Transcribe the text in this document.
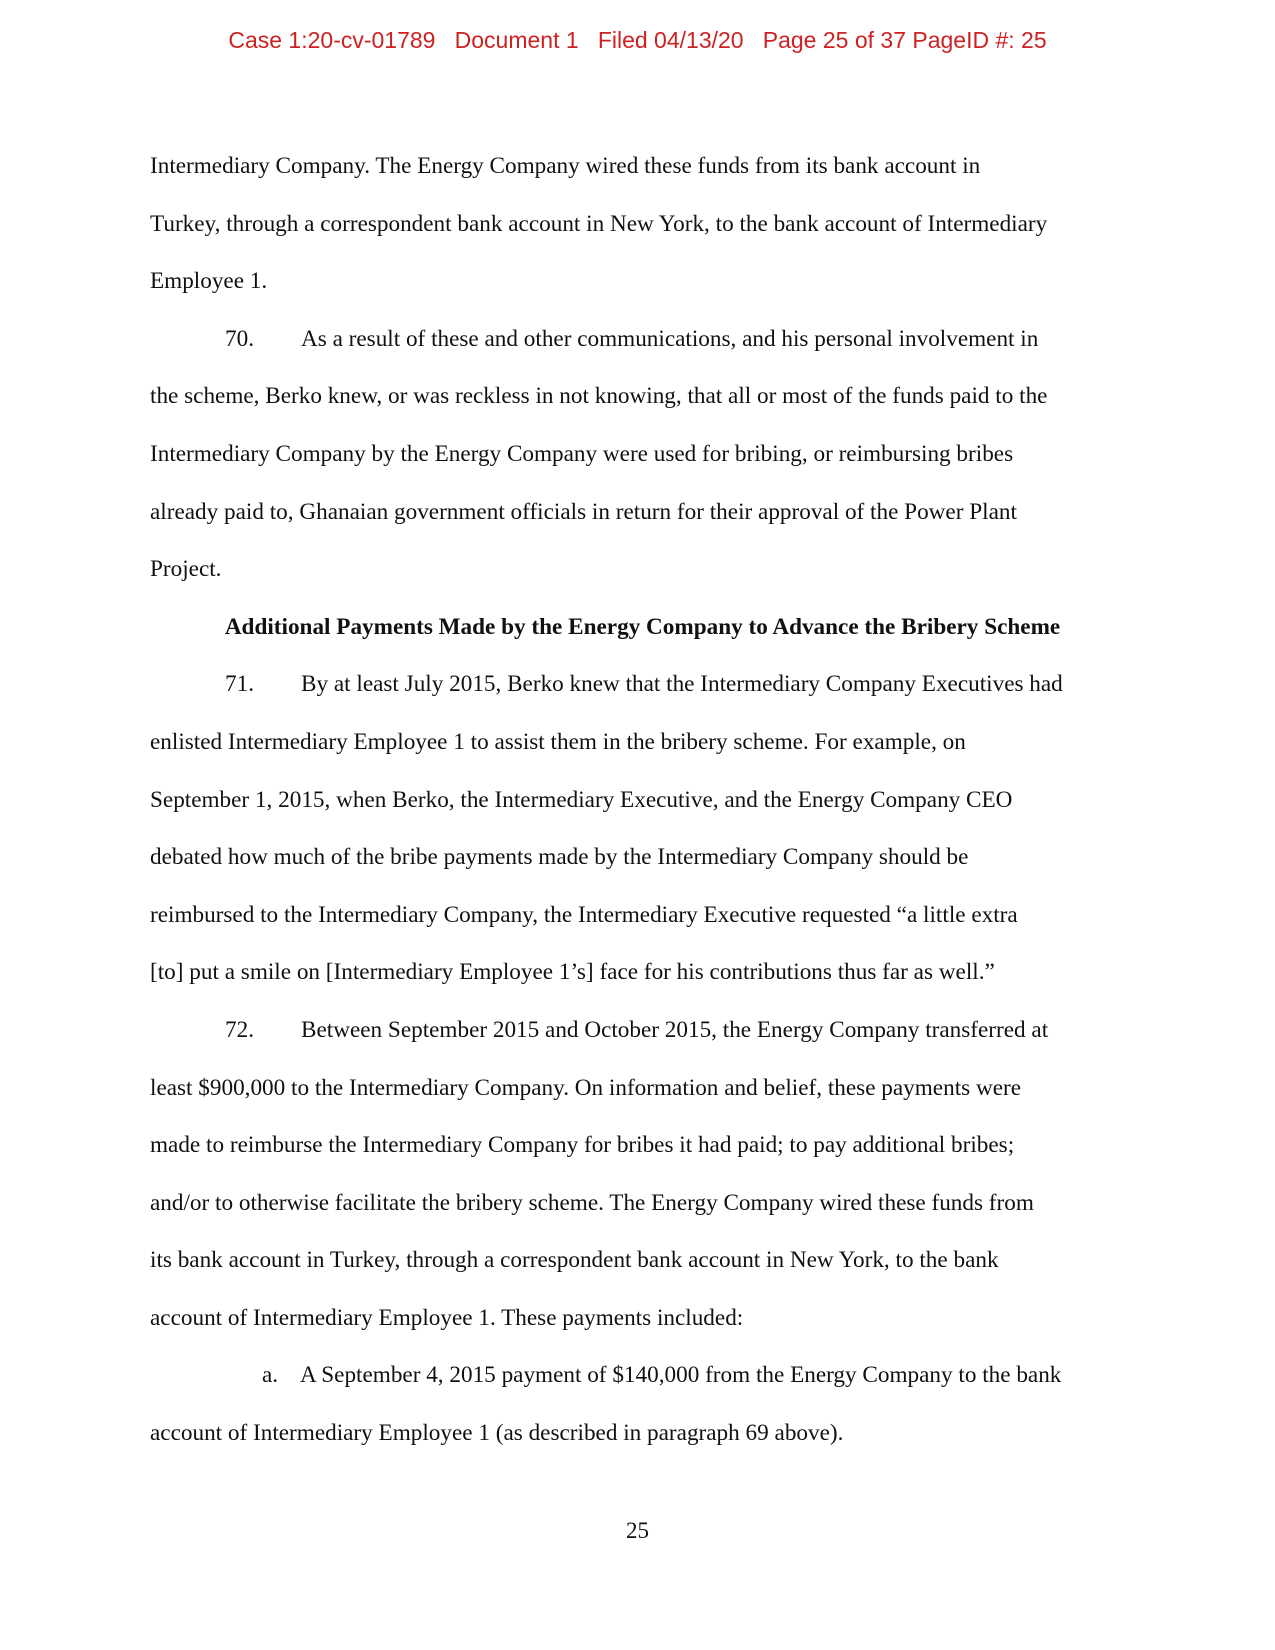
Case 1:20-cv-01789   Document 1   Filed 04/13/20   Page 25 of 37 PageID #: 25
Intermediary Company. The Energy Company wired these funds from its bank account in
Turkey, through a correspondent bank account in New York, to the bank account of Intermediary
Employee 1.
70. As a result of these and other communications, and his personal involvement in
the scheme, Berko knew, or was reckless in not knowing, that all or most of the funds paid to the
Intermediary Company by the Energy Company were used for bribing, or reimbursing bribes
already paid to, Ghanaian government officials in return for their approval of the Power Plant
Project.
Additional Payments Made by the Energy Company to Advance the Bribery Scheme
71. By at least July 2015, Berko knew that the Intermediary Company Executives had
enlisted Intermediary Employee 1 to assist them in the bribery scheme. For example, on
September 1, 2015, when Berko, the Intermediary Executive, and the Energy Company CEO
debated how much of the bribe payments made by the Intermediary Company should be
reimbursed to the Intermediary Company, the Intermediary Executive requested “a little extra
[to] put a smile on [Intermediary Employee 1’s] face for his contributions thus far as well.”
72. Between September 2015 and October 2015, the Energy Company transferred at
least $900,000 to the Intermediary Company. On information and belief, these payments were
made to reimburse the Intermediary Company for bribes it had paid; to pay additional bribes;
and/or to otherwise facilitate the bribery scheme. The Energy Company wired these funds from
its bank account in Turkey, through a correspondent bank account in New York, to the bank
account of Intermediary Employee 1. These payments included:
a. A September 4, 2015 payment of $140,000 from the Energy Company to the bank
account of Intermediary Employee 1 (as described in paragraph 69 above).
25
